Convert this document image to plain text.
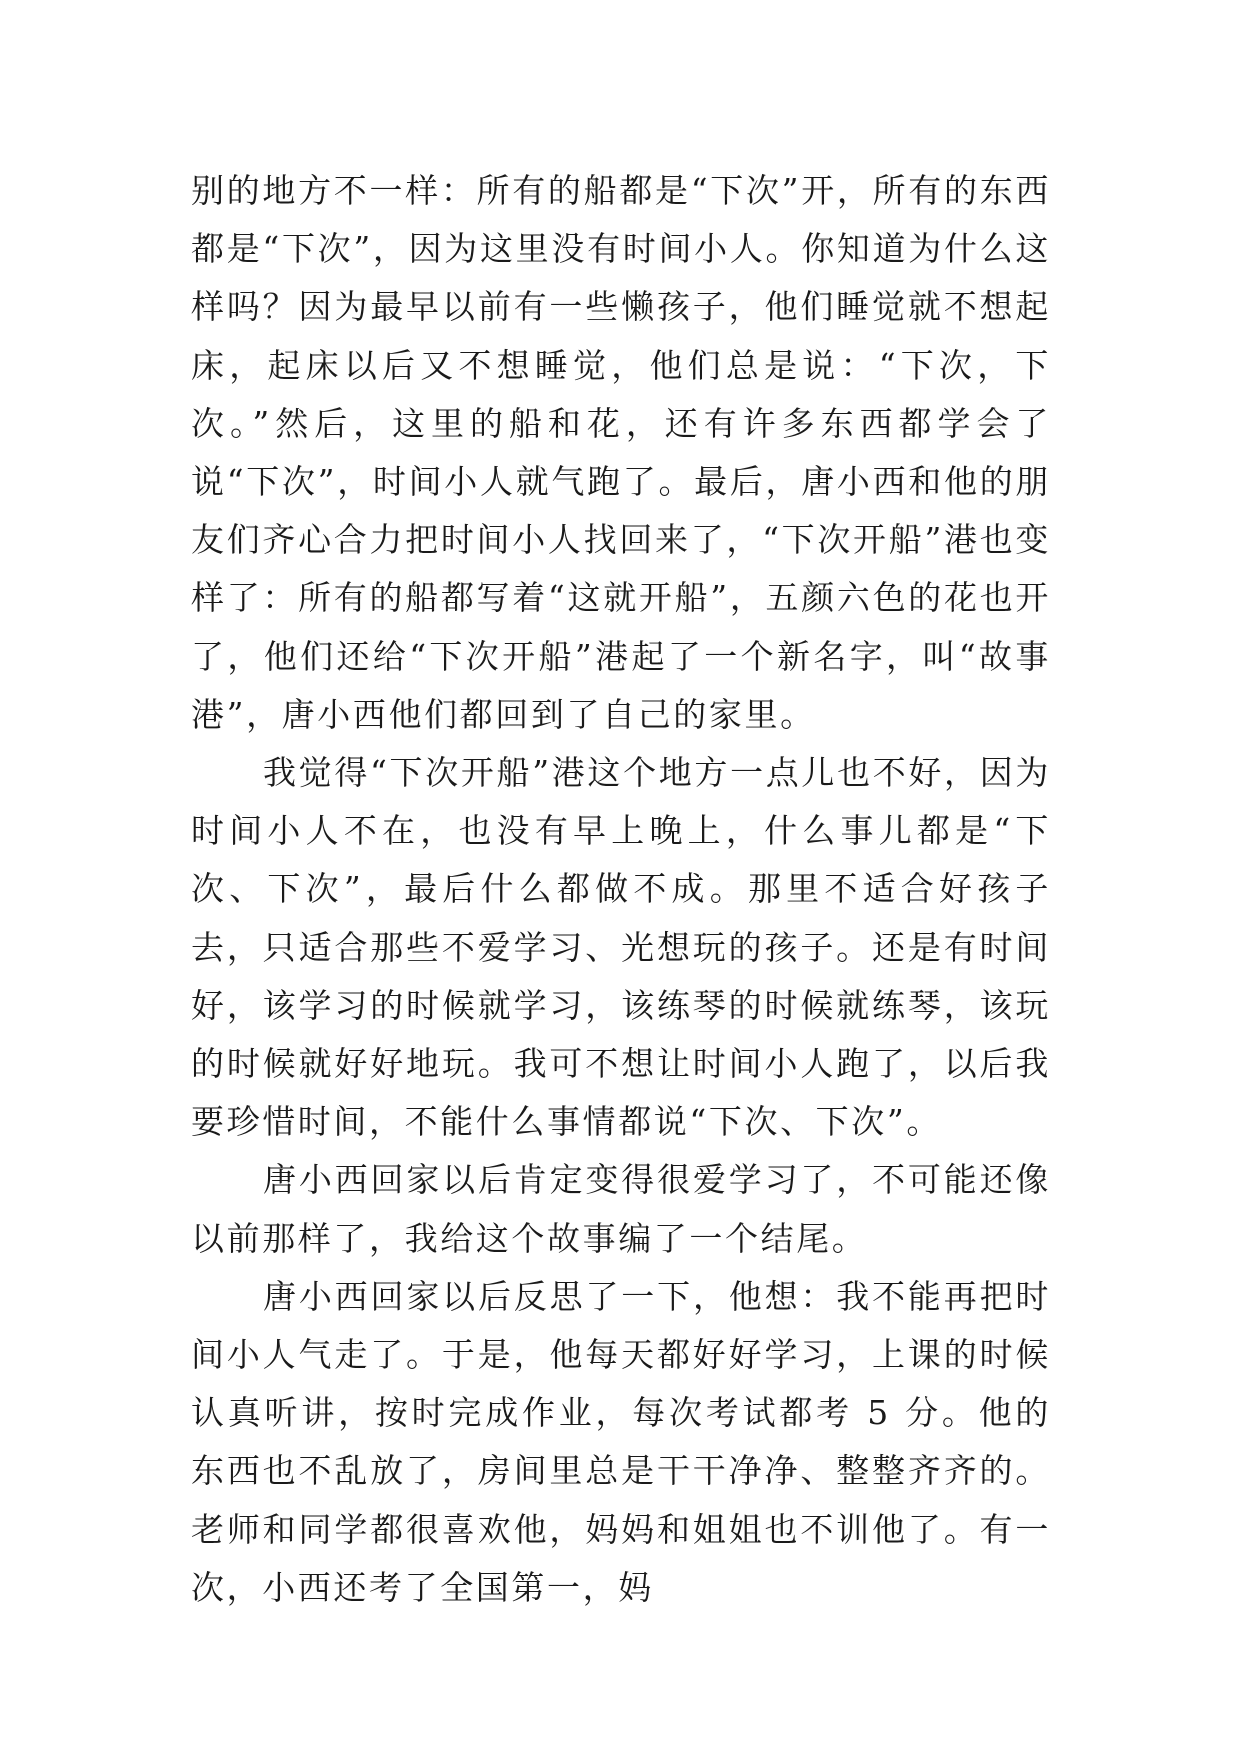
别的地方不一样：所有的船都是“下次”开，所有的东西都是“下次”，因为这里没有时间小人。你知道为什么这样吗？因为最早以前有一些懒孩子，他们睡觉就不想起床，起床以后又不想睡觉，他们总是说：“下次，下次。”然后，这里的船和花，还有许多东西都学会了说“下次”，时间小人就气跑了。最后，唐小西和他的朋友们齐心合力把时间小人找回来了，“下次开船”港也变样了：所有的船都写着“这就开船”，五颜六色的花也开了，他们还给“下次开船”港起了一个新名字，叫“故事港”，唐小西他们都回到了自己的家里。

我觉得“下次开船”港这个地方一点儿也不好，因为时间小人不在，也没有早上晚上，什么事儿都是“下次、下次”，最后什么都做不成。那里不适合好孩子去，只适合那些不爱学习、光想玩的孩子。还是有时间好，该学习的时候就学习，该练琴的时候就练琴，该玩的时候就好好地玩。我可不想让时间小人跑了，以后我要珍惜时间，不能什么事情都说“下次、下次”。

唐小西回家以后肯定变得很爱学习了，不可能还像以前那样了，我给这个故事编了一个结尾。

唐小西回家以后反思了一下，他想：我不能再把时间小人气走了。于是，他每天都好好学习，上课的时候认真听讲，按时完成作业，每次考试都考 5 分。他的东西也不乱放了，房间里总是干干净净、整整齐齐的。老师和同学都很喜欢他，妈妈和姐姐也不训他了。有一次，小西还考了全国第一，妈
